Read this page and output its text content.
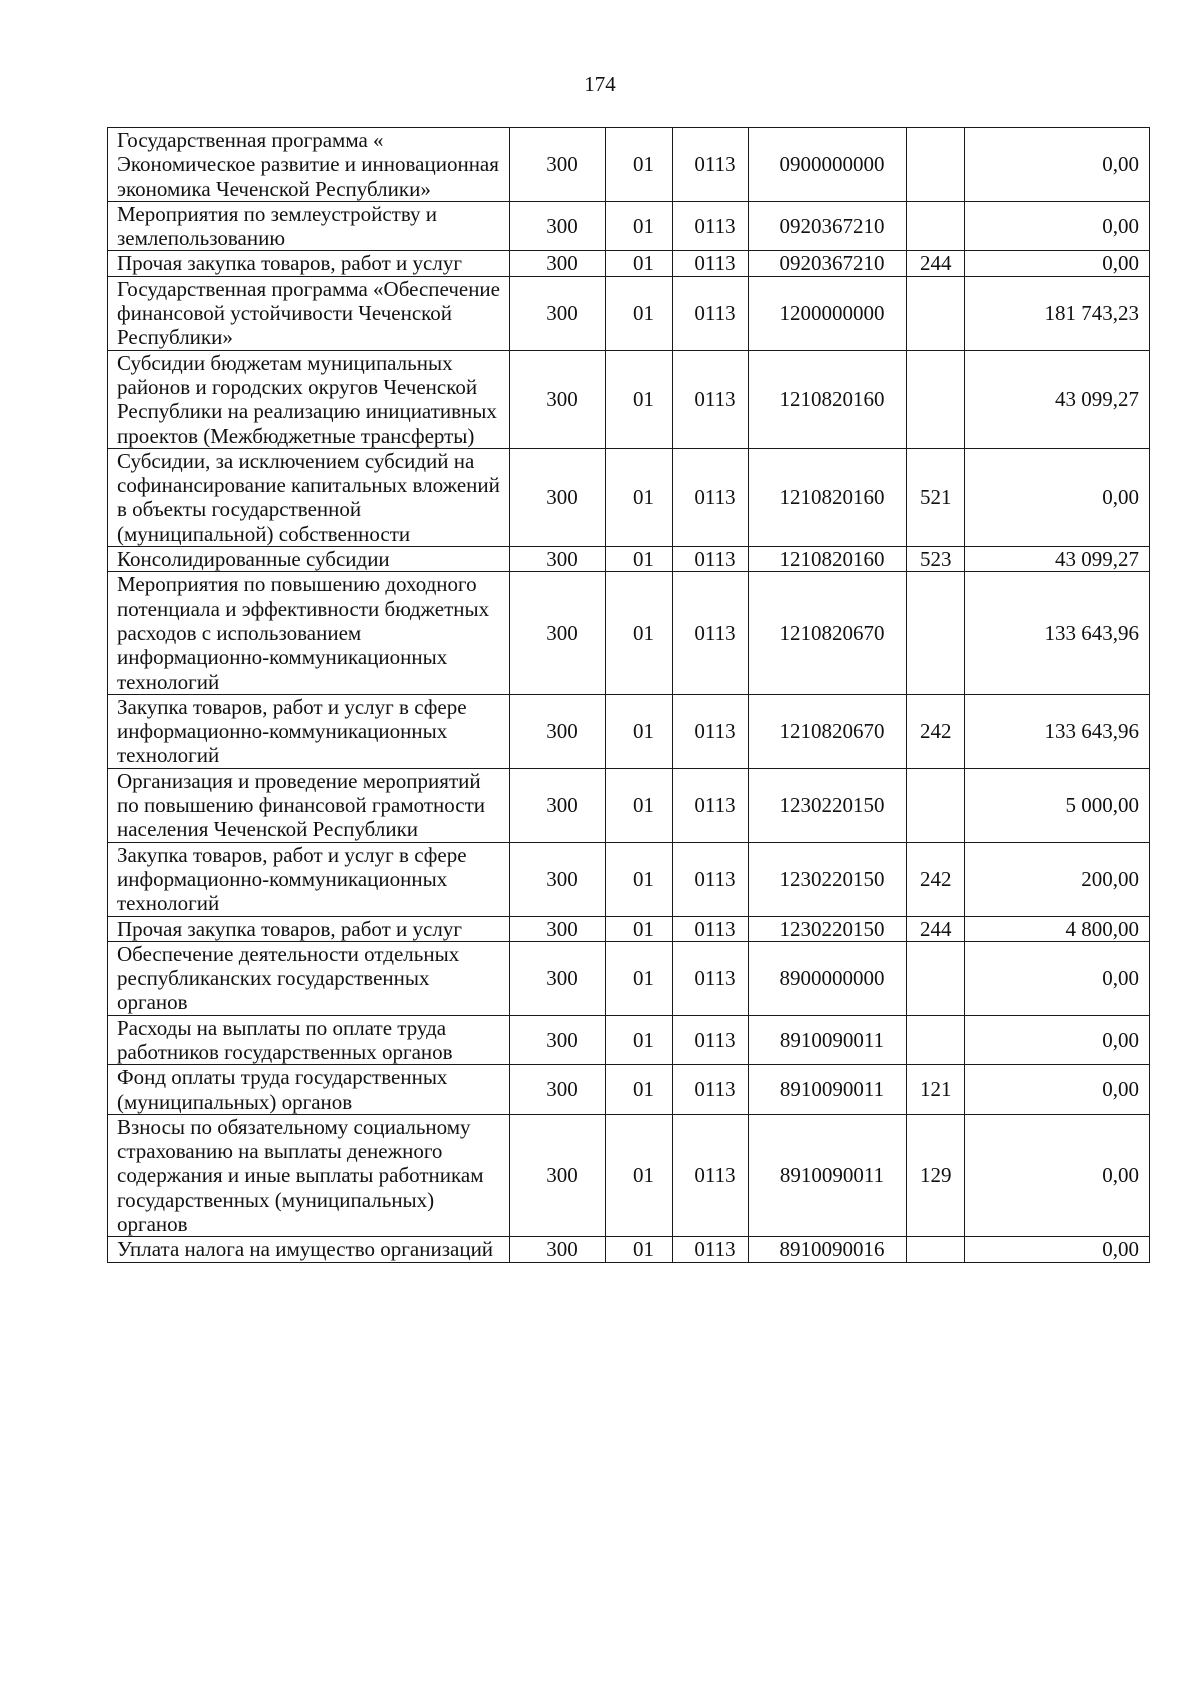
174
Государственная программа « Экономическое развитие и инновационная экономика Чеченской Республики»	300	01	0113	0900000000		0,00
Мероприятия по землеустройству и землепользованию	300	01	0113	0920367210		0,00
Прочая закупка товаров, работ и услуг	300	01	0113	0920367210	244	0,00
Государственная программа «Обеспечение финансовой устойчивости Чеченской Республики»	300	01	0113	1200000000		181 743,23
Субсидии бюджетам муниципальных районов и городских округов Чеченской Республики на реализацию инициативных проектов (Межбюджетные трансферты)	300	01	0113	1210820160		43 099,27
Субсидии, за исключением субсидий на софинансирование капитальных вложений в объекты государственной (муниципальной) собственности	300	01	0113	1210820160	521	0,00
Консолидированные субсидии	300	01	0113	1210820160	523	43 099,27
Мероприятия по повышению доходного потенциала и эффективности бюджетных расходов с использованием информационно-коммуникационных технологий	300	01	0113	1210820670		133 643,96
Закупка товаров, работ и услуг в сфере информационно-коммуникационных технологий	300	01	0113	1210820670	242	133 643,96
Организация и проведение мероприятий по повышению финансовой грамотности населения Чеченской Республики	300	01	0113	1230220150		5 000,00
Закупка товаров, работ и услуг в сфере информационно-коммуникационных технологий	300	01	0113	1230220150	242	200,00
Прочая закупка товаров, работ и услуг	300	01	0113	1230220150	244	4 800,00
Обеспечение деятельности отдельных республиканских государственных органов	300	01	0113	8900000000		0,00
Расходы на выплаты по оплате труда работников государственных органов	300	01	0113	8910090011		0,00
Фонд оплаты труда государственных (муниципальных) органов	300	01	0113	8910090011	121	0,00
Взносы по обязательному социальному страхованию на выплаты денежного содержания и иные выплаты работникам государственных (муниципальных) органов	300	01	0113	8910090011	129	0,00
Уплата налога на имущество организаций	300	01	0113	8910090016		0,00
